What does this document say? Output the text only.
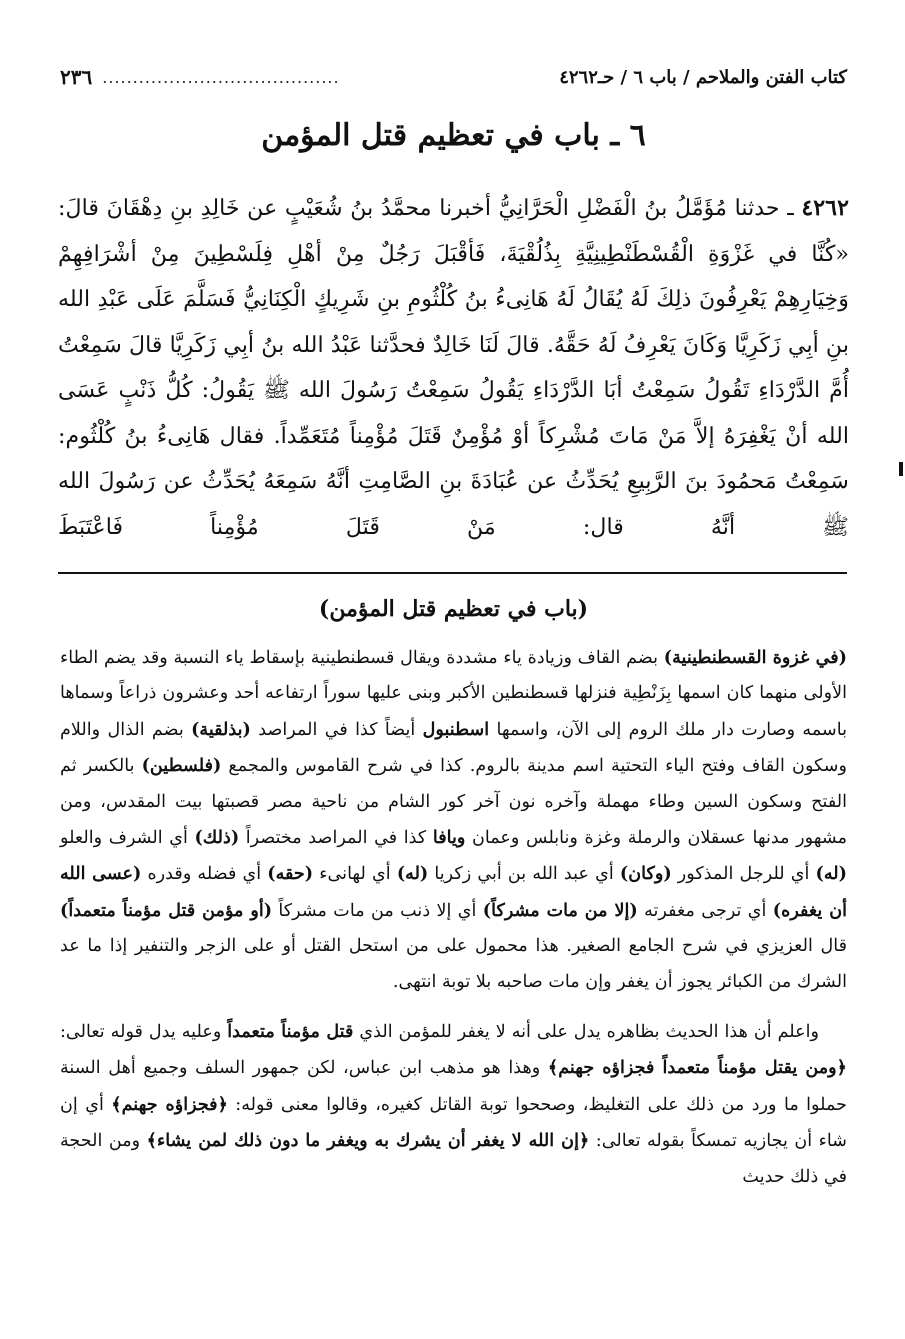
كتاب الفتن والملاحم / باب ٦ / حـ٤٢٦٢
.......................................
٢٣٦
٦ ـ باب في تعظيم قتل المؤمن

٤٢٦٢ ـ حدثنا مُؤَمَّلُ بنُ الْفَضْلِ الْحَرَّانِيُّ أخبرنا محمَّدُ بنُ شُعَيْبٍ عن خَالِدِ بنِ دِهْقَانَ قالَ: «كُنَّا في غَزْوَةِ الْقُسْطَنْطِينِيَّةِ بِذُلُقْيَةَ، فَأقْبَلَ رَجُلٌ مِنْ أهْلِ فِلَسْطِينَ مِنْ أشْرَافِهِمْ وَخِيَارِهِمْ يَعْرِفُونَ ذلِكَ لَهُ يُقَالُ لَهُ هَانِىءُ بنُ كُلْثُومِ بنِ شَرِيكٍ الْكِنَانِيُّ فَسَلَّمَ عَلَى عَبْدِ الله بنِ أبِي زَكَرِيَّا وَكَانَ يَعْرِفُ لَهُ حَقَّهُ. قالَ لَنَا خَالِدٌ فحدَّثنا عَبْدُ الله بنُ أبِي زَكَرِيَّا قالَ سَمِعْتُ أُمَّ الدَّرْدَاءِ تَقُولُ سَمِعْتُ أبَا الدَّرْدَاءِ يَقُولُ سَمِعْتُ رَسُولَ الله ﷺ يَقُولُ: كُلُّ ذَنْبٍ عَسَى الله أنْ يَغْفِرَهُ إلاَّ مَنْ مَاتَ مُشْرِكاً أوْ مُؤْمِنٌ قَتَلَ مُؤْمِناً مُتَعَمِّداً. فقال هَانِىءُ بنُ كُلْثُوم: سَمِعْتُ مَحمُودَ بنَ الرَّبِيعِ يُحَدِّثُ عن عُبَادَةَ بنِ الصَّامِتِ أنَّهُ سَمِعَهُ يُحَدِّثُ عن رَسُولَ الله ﷺ أنَّهُ قال: مَنْ قَتَلَ مُؤْمِناً فَاعْتَبَطَ

(باب في تعظيم قتل المؤمن)

(في غزوة القسطنطينية) بضم القاف وزيادة ياء مشددة ويقال قسطنطينية بإسقاط ياء النسبة وقد يضم الطاء الأولى منهما كان اسمها بِزَنْطِية فنزلها قسطنطين الأكبر وبنى عليها سوراً ارتفاعه أحد وعشرون ذراعاً وسماها باسمه وصارت دار ملك الروم إلى الآن، واسمها اسطنبول أيضاً كذا في المراصد (بذلقية) بضم الذال واللام وسكون القاف وفتح الياء التحتية اسم مدينة بالروم. كذا في شرح القاموس والمجمع (فلسطين) بالكسر ثم الفتح وسكون السين وطاء مهملة وآخره نون آخر كور الشام من ناحية مصر قصبتها بيت المقدس، ومن مشهور مدنها عسقلان والرملة وغزة ونابلس وعمان ويافا كذا في المراصد مختصراً (ذلك) أي الشرف والعلو (له) أي للرجل المذكور (وكان) أي عبد الله بن أبي زكريا (له) أي لهانىء (حقه) أي فضله وقدره (عسى الله أن يغفره) أي ترجى مغفرته (إلا من مات مشركاً) أي إلا ذنب من مات مشركاً (أو مؤمن قتل مؤمناً متعمداً) قال العزيزي في شرح الجامع الصغير. هذا محمول على من استحل القتل أو على الزجر والتنفير إذا ما عد الشرك من الكبائر يجوز أن يغفر وإن مات صاحبه بلا توبة انتهى.

واعلم أن هذا الحديث بظاهره يدل على أنه لا يغفر للمؤمن الذي قتل مؤمناً متعمداً وعليه يدل قوله تعالى: ﴿ومن يقتل مؤمناً متعمداً فجزاؤه جهنم﴾ وهذا هو مذهب ابن عباس، لكن جمهور السلف وجميع أهل السنة حملوا ما ورد من ذلك على التغليظ، وصححوا توبة القاتل كغيره، وقالوا معنى قوله: ﴿فجزاؤه جهنم﴾ أي إن شاء أن يجازيه تمسكاً بقوله تعالى: ﴿إن الله لا يغفر أن يشرك به ويغفر ما دون ذلك لمن يشاء﴾ ومن الحجة في ذلك حديث
